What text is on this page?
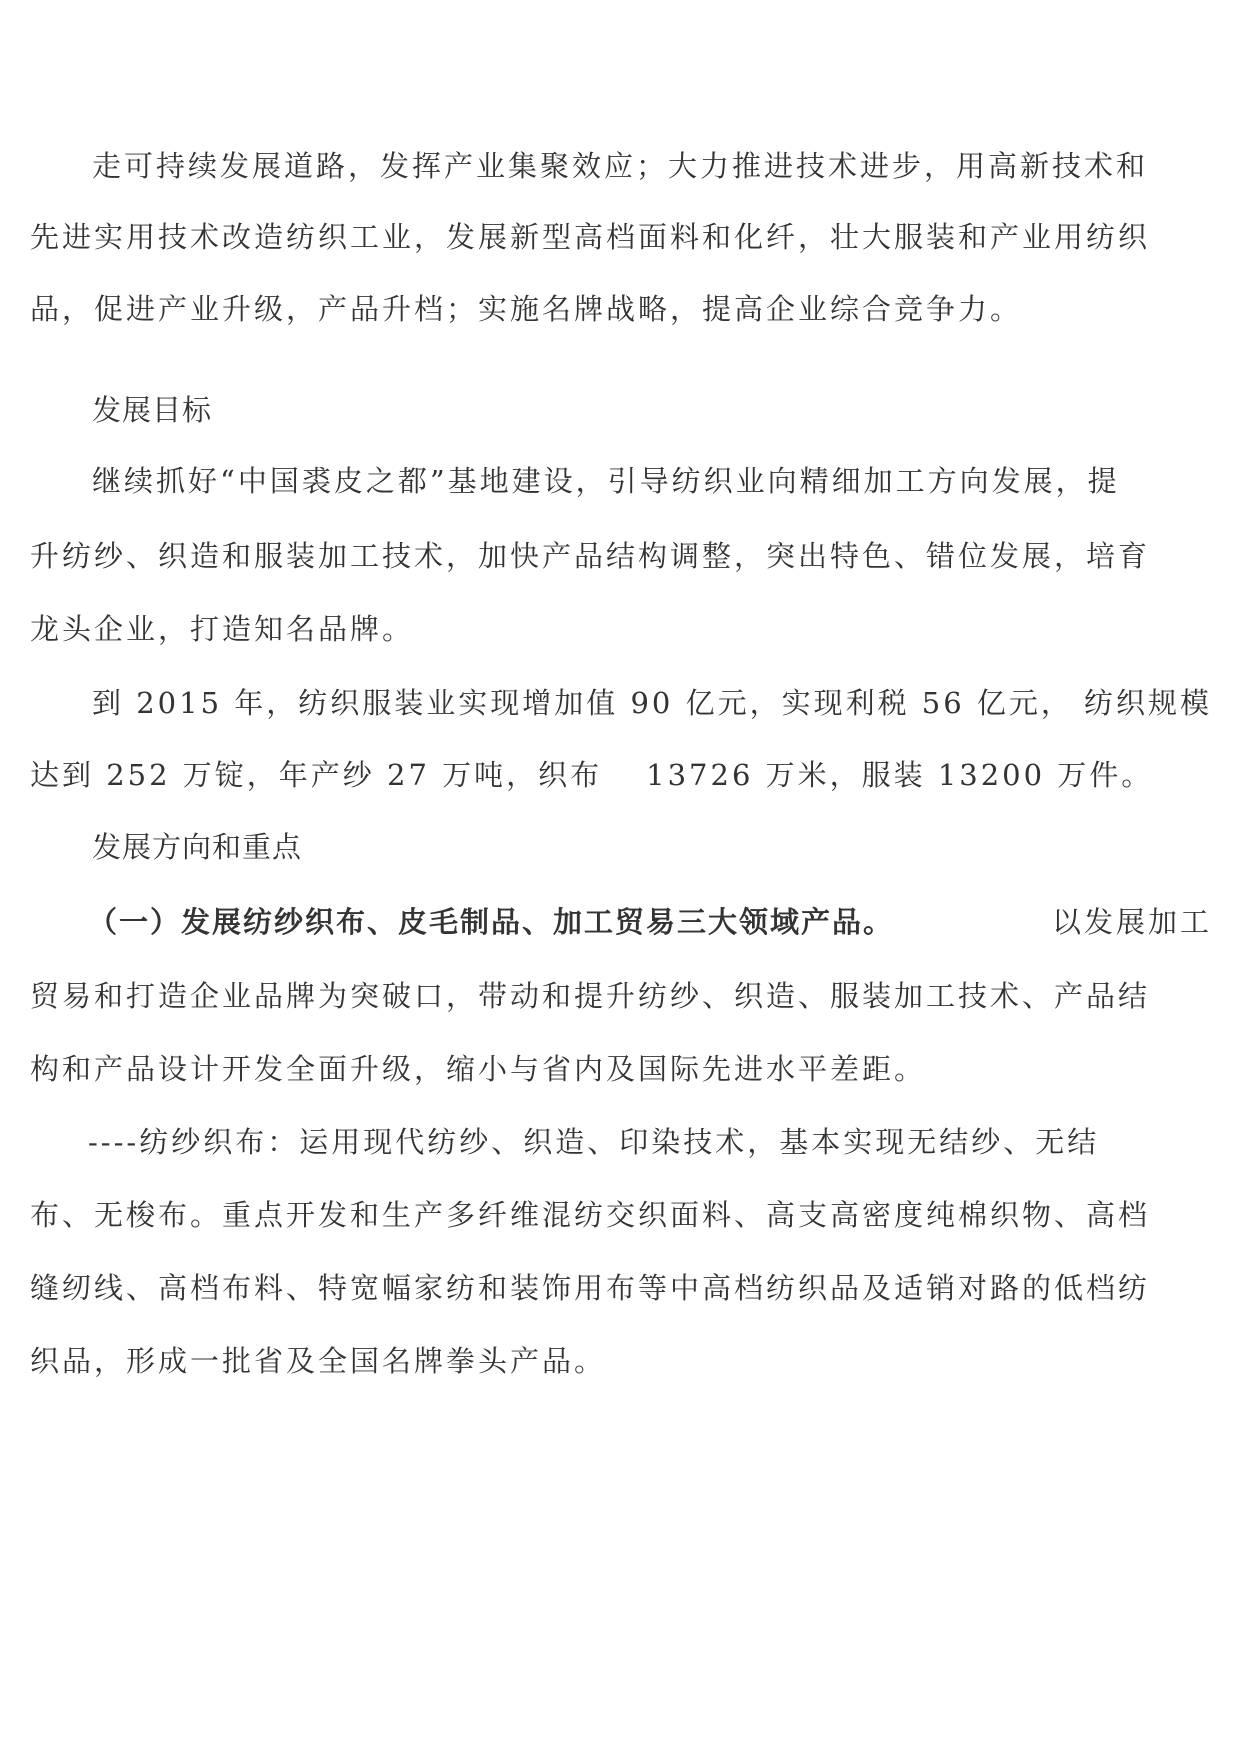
走可持续发展道路，发挥产业集聚效应；大力推进技术进步，用高新技术和
先进实用技术改造纺织工业，发展新型高档面料和化纤，壮大服装和产业用纺织
品，促进产业升级，产品升档；实施名牌战略，提高企业综合竞争力。
发展目标
继续抓好“中国裘皮之都”基地建设，引导纺织业向精细加工方向发展，提
升纺纱、织造和服装加工技术，加快产品结构调整，突出特色、错位发展，培育
龙头企业，打造知名品牌。
到 2015 年，纺织服装业实现增加值 90 亿元，实现利税 56 亿元， 纺织规模
达到 252 万锭，年产纱 27 万吨，织布 13726 万米，服装 13200 万件。
发展方向和重点
（一）发展纺纱织布、皮毛制品、加工贸易三大领域产品。	以发展加工
贸易和打造企业品牌为突破口，带动和提升纺纱、织造、服装加工技术、产品结
构和产品设计开发全面升级，缩小与省内及国际先进水平差距。
----纺纱织布：运用现代纺纱、织造、印染技术，基本实现无结纱、无结
布、无梭布。重点开发和生产多纤维混纺交织面料、高支高密度纯棉织物、高档
缝纫线、高档布料、特宽幅家纺和装饰用布等中高档纺织品及适销对路的低档纺
织品，形成一批省及全国名牌拳头产品。
